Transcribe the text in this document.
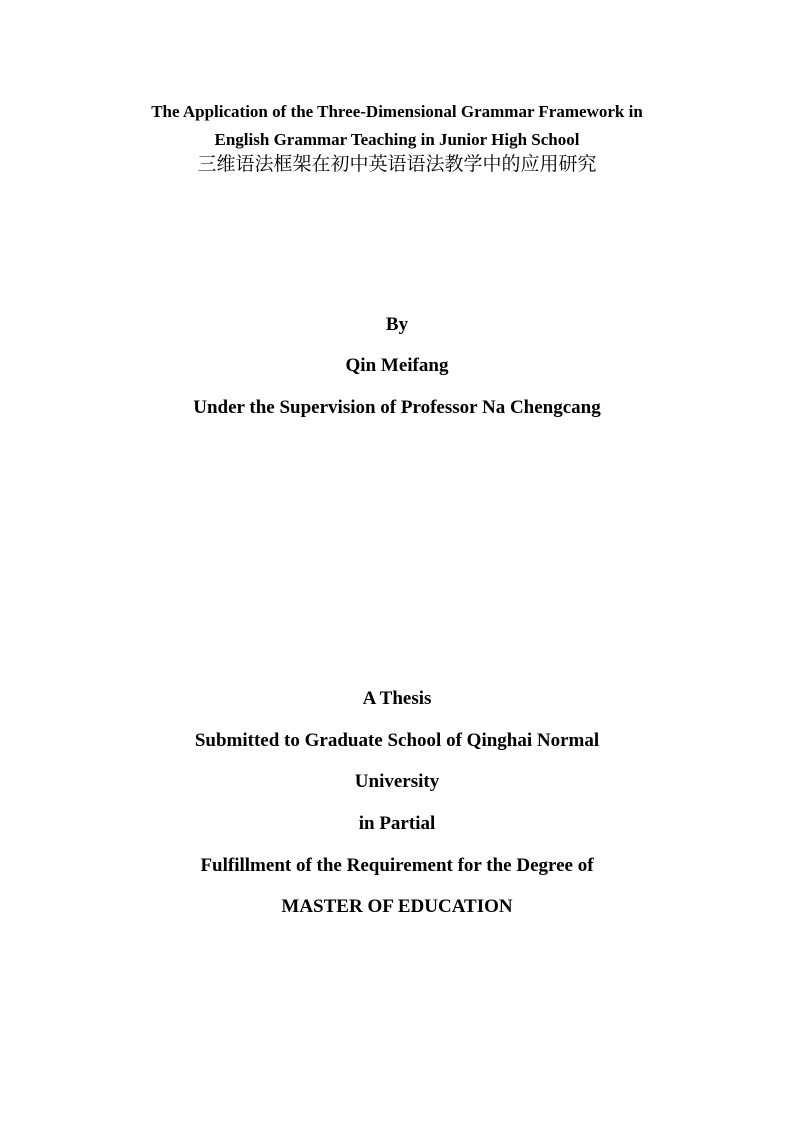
The Application of the Three-Dimensional Grammar Framework in
English Grammar Teaching in Junior High School
三维语法框架在初中英语语法教学中的应用研究
By
Qin Meifang
Under the Supervision of Professor Na Chengcang
A Thesis
Submitted to Graduate School of Qinghai Normal
University
in Partial
Fulfillment of the Requirement for the Degree of
MASTER OF EDUCATION
